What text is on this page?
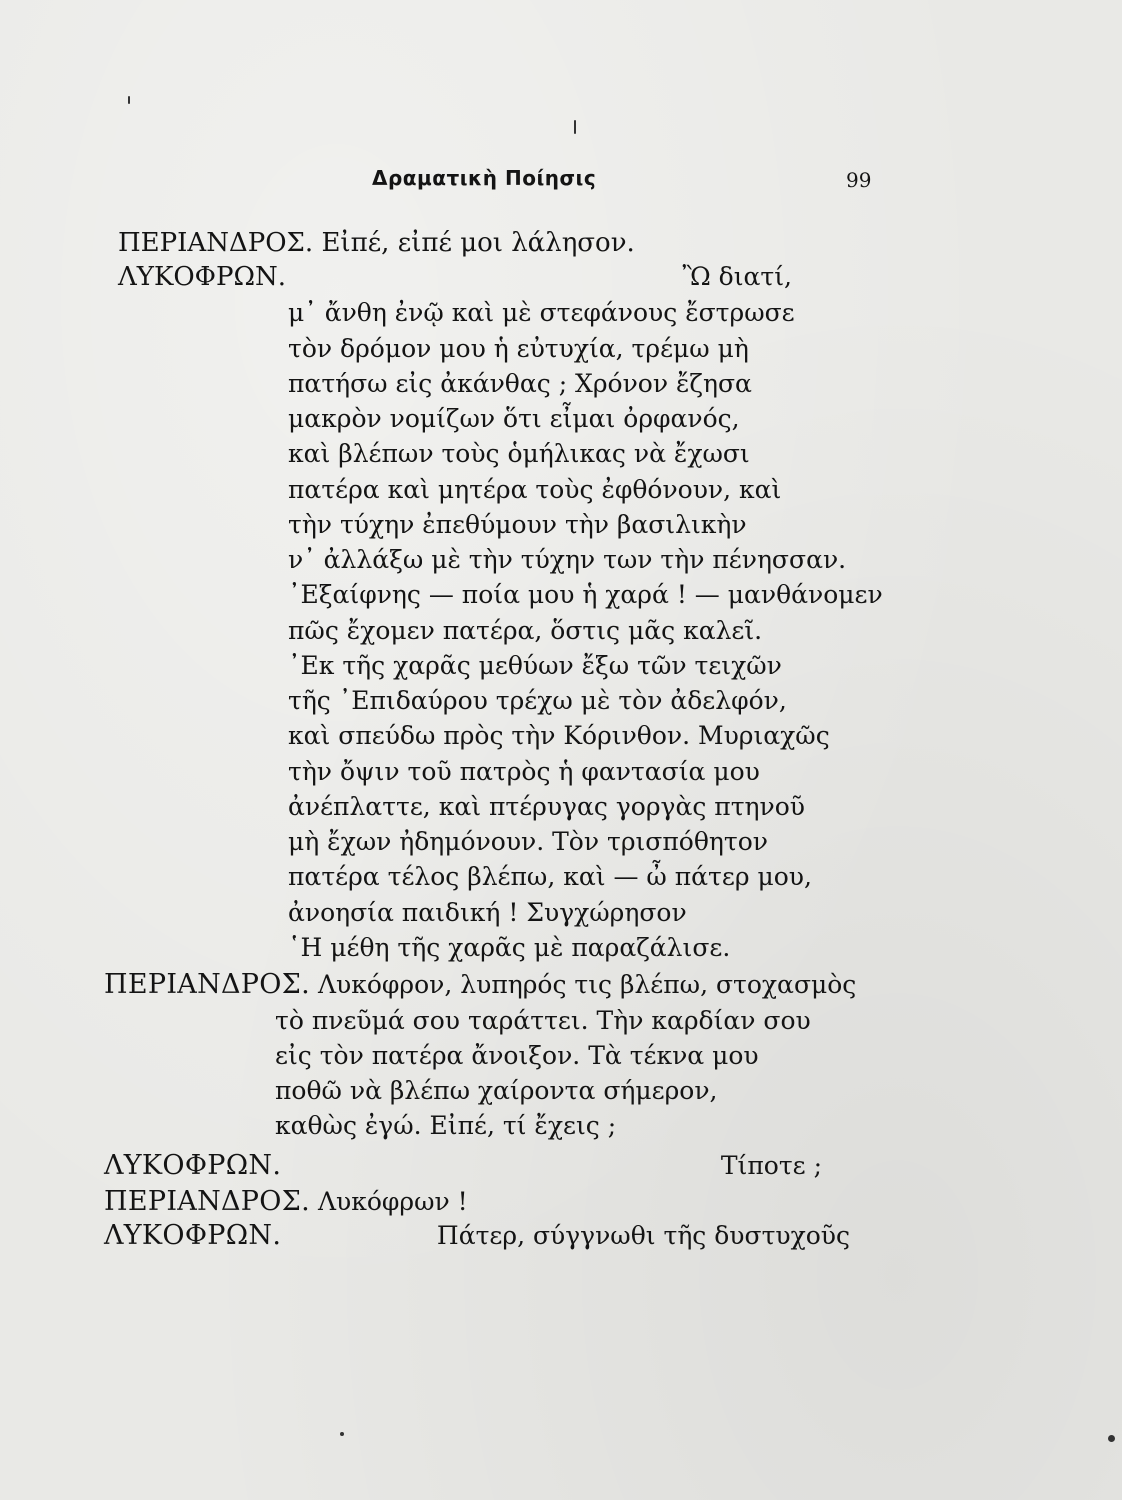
Δραματικὴ Ποίησις	99
ΠΕΡΙΑΝΔΡΟΣ. Εἰπέ, εἰπέ μοι λάλησον.
ΛΥΚΟΦΡΩΝ.	Ὢ διατί,
μ᾿ ἄνθη ἐνῷ καὶ μὲ στεφάνους ἔστρωσε
τὸν δρόμον μου ἡ εὐτυχία, τρέμω μὴ
πατήσω εἰς ἀκάνθας ; Χρόνον ἔζησα
μακρὸν νομίζων ὅτι εἶμαι ὀρφανός,
καὶ βλέπων τοὺς ὁμήλικας νὰ ἔχωσι
πατέρα καὶ μητέρα τοὺς ἐφθόνουν, καὶ
τὴν τύχην ἐπεθύμουν τὴν βασιλικὴν
ν᾿ ἀλλάξω μὲ τὴν τύχην των τὴν πένησσαν.
᾿Εξαίφνης — ποία μου ἡ χαρά ! — μανθάνομεν
πῶς ἔχομεν πατέρα, ὅστις μᾶς καλεῖ.
᾿Εκ τῆς χαρᾶς μεθύων ἔξω τῶν τειχῶν
τῆς ᾿Επιδαύρου τρέχω μὲ τὸν ἀδελφόν,
καὶ σπεύδω πρὸς τὴν Κόρινθον. Μυριαχῶς
τὴν ὄψιν τοῦ πατρὸς ἡ φαντασία μου
ἀνέπλαττε, καὶ πτέρυγας γοργὰς πτηνοῦ
μὴ ἔχων ἠδημόνουν. Τὸν τρισπόθητον
πατέρα τέλος βλέπω, καὶ — ὦ πάτερ μου,
ἀνοησία παιδική ! Συγχώρησον
῾Η μέθη τῆς χαρᾶς μὲ παραζάλισε.
ΠΕΡΙΑΝΔΡΟΣ. Λυκόφρον, λυπηρός τις βλέπω, στοχασμὸς
τὸ πνεῦμά σου ταράττει. Τὴν καρδίαν σου
εἰς τὸν πατέρα ἄνοιξον. Τὰ τέκνα μου
ποθῶ νὰ βλέπω χαίροντα σήμερον,
καθὼς ἐγώ. Εἰπέ, τί ἔχεις ;
ΛΥΚΟΦΡΩΝ.	Τίποτε ;
ΠΕΡΙΑΝΔΡΟΣ. Λυκόφρων !
ΛΥΚΟΦΡΩΝ.	Πάτερ, σύγγνωθι τῆς δυστυχοῦς
